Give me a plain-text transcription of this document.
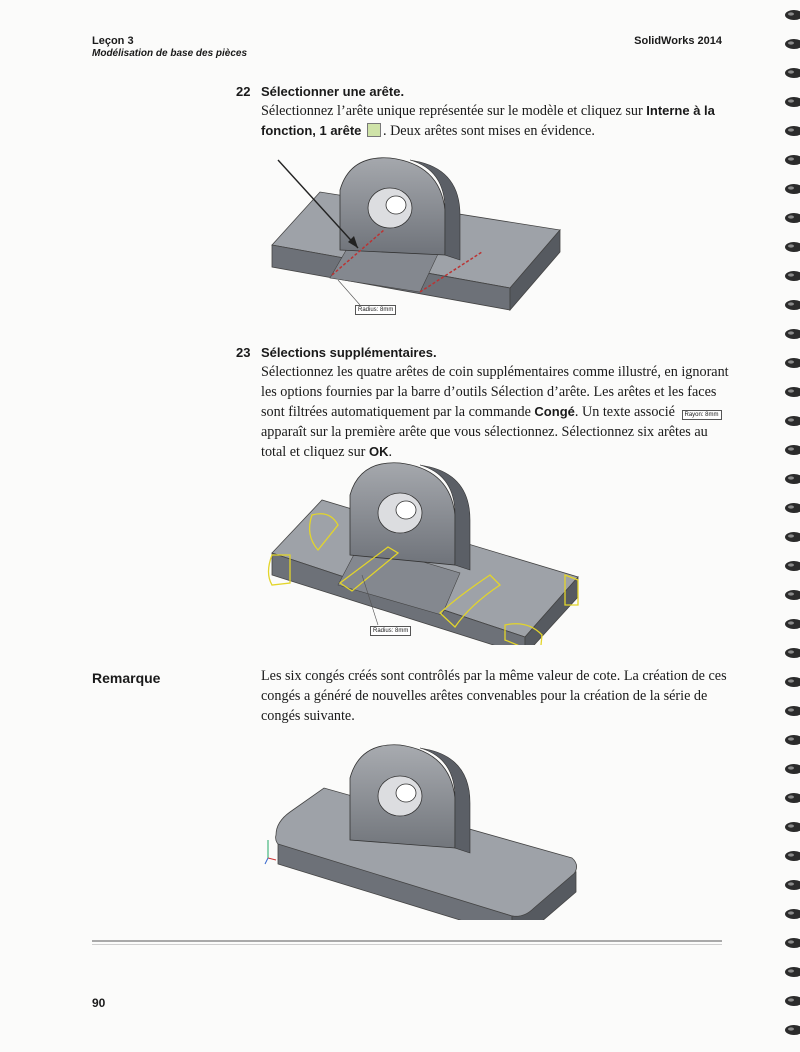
Leçon 3
Modélisation de base des pièces
SolidWorks 2014
22 Sélectionner une arête.
Sélectionnez l’arête unique représentée sur le modèle et cliquez sur Interne à la fonction, 1 arête . Deux arêtes sont mises en évidence.
Radius: 8mm
23 Sélections supplémentaires.
Sélectionnez les quatre arêtes de coin supplémentaires comme illustré, en ignorant les options fournies par la barre d’outils Sélection d’arête. Les arêtes et les faces sont filtrées automatiquement par la commande Congé. Un texte associé Rayon: 8mm apparaît sur la première arête que vous sélectionnez. Sélectionnez six arêtes au total et cliquez sur OK.
Radius: 8mm
Remarque	Les six congés créés sont contrôlés par la même valeur de cote. La création de ces congés a généré de nouvelles arêtes convenables pour la création de la série de congés suivante.
90
